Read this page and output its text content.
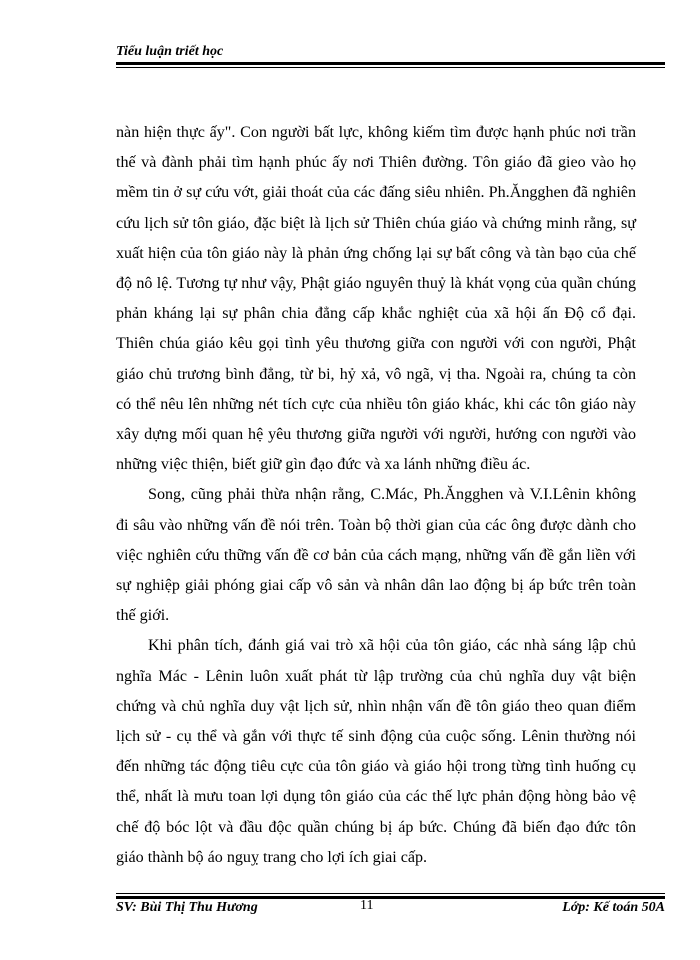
Tiểu luận triết học

nàn hiện thực ấy". Con người bất lực, không kiếm tìm được hạnh phúc nơi trần thế và đành phải tìm hạnh phúc ấy nơi Thiên đường. Tôn giáo đã gieo vào họ mềm tin ở sự cứu vớt, giải thoát của các đấng siêu nhiên. Ph.Ăngghen đã nghiên cứu lịch sử tôn giáo, đặc biệt là lịch sử Thiên chúa giáo và chứng minh rằng, sự xuất hiện của tôn giáo này là phản ứng chống lại sự bất công và tàn bạo của chế độ nô lệ. Tương tự như vậy, Phật giáo nguyên thuỷ là khát vọng của quần chúng phản kháng lại sự phân chia đẳng cấp khắc nghiệt của xã hội ấn Độ cổ đại. Thiên chúa giáo kêu gọi tình yêu thương giữa con người với con người, Phật giáo chủ trương bình đẳng, từ bi, hỷ xả, vô ngã, vị tha. Ngoài ra, chúng ta còn có thể nêu lên những nét tích cực của nhiều tôn giáo khác, khi các tôn giáo này xây dựng mối quan hệ yêu thương giữa người với người, hướng con người vào những việc thiện, biết giữ gìn đạo đức và xa lánh những điều ác.

Song, cũng phải thừa nhận rằng, C.Mác, Ph.Ăngghen và V.I.Lênin không đi sâu vào những vấn đề nói trên. Toàn bộ thời gian của các ông được dành cho việc nghiên cứu thững vấn đề cơ bản của cách mạng, những vấn đề gắn liền với sự nghiệp giải phóng giai cấp vô sản và nhân dân lao động bị áp bức trên toàn thế giới.

Khi phân tích, đánh giá vai trò xã hội của tôn giáo, các nhà sáng lập chủ nghĩa Mác - Lênin luôn xuất phát từ lập trường của chủ nghĩa duy vật biện chứng và chủ nghĩa duy vật lịch sử, nhìn nhận vấn đề tôn giáo theo quan điểm lịch sử - cụ thể và gắn với thực tế sinh động của cuộc sống. Lênin thường nói đến những tác động tiêu cực của tôn giáo và giáo hội trong từng tình huống cụ thể, nhất là mưu toan lợi dụng tôn giáo của các thế lực phản động hòng bảo vệ chế độ bóc lột và đầu độc quần chúng bị áp bức. Chúng đã biến đạo đức tôn giáo thành bộ áo nguỵ trang cho lợi ích giai cấp.

SV: Bùi Thị Thu Hương	11	Lớp: Kế toán 50A
